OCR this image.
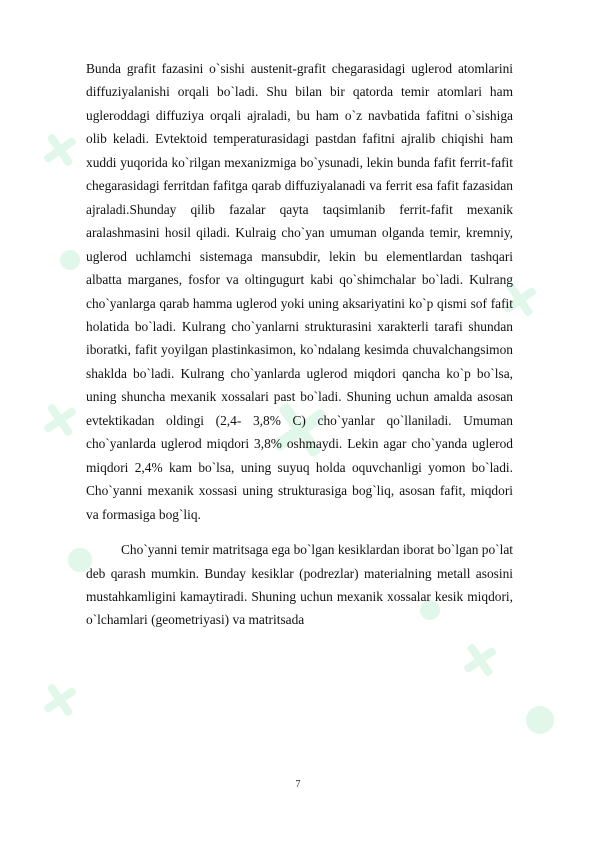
Bunda grafit fazasini o`sishi austenit-grafit chegarasidagi uglerod atomlarini diffuziyalanishi orqali bo`ladi. Shu bilan bir qatorda temir atomlari ham ugleroddagi diffuziya orqali ajraladi, bu ham o`z navbatida fafitni o`sishiga olib keladi. Evtektoid temperaturasidagi pastdan fafitni ajralib chiqishi ham xuddi yuqorida ko`rilgan mexanizmiga bo`ysunadi, lekin bunda fafit ferrit-fafit chegarasidagi ferritdan fafitga qarab diffuziyalanadi va ferrit esa fafit fazasidan ajraladi.Shunday qilib fazalar qayta taqsimlanib ferrit-fafit mexanik aralashmasini hosil qiladi. Kulraig cho`yan umuman olganda temir, kremniy, uglerod uchlamchi sistemaga mansubdir, lekin bu elementlardan tashqari albatta marganes, fosfor va oltingugurt kabi qo`shimchalar bo`ladi. Kulrang cho`yanlarga qarab hamma uglerod yoki uning aksariyatini ko`p qismi sof fafit holatida bo`ladi. Kulrang cho`yanlarni strukturasini xarakterli tarafi shundan iboratki, fafit yoyilgan plastinkasimon, ko`ndalang kesimda chuvalchangsimon shaklda bo`ladi. Kulrang cho`yanlarda uglerod miqdori qancha ko`p bo`lsa, uning shuncha mexanik xossalari past bo`ladi. Shuning uchun amalda asosan evtektikadan oldingi (2,4- 3,8% C) cho`yanlar qo`llaniladi. Umuman cho`yanlarda uglerod miqdori 3,8% oshmaydi. Lekin agar cho`yanda uglerod miqdori 2,4% kam bo`lsa, uning suyuq holda oquvchanligi yomon bo`ladi. Cho`yanni mexanik xossasi uning strukturasiga bog`liq, asosan fafit, miqdori va formasiga bog`liq.

Cho`yanni temir matritsaga ega bo`lgan kesiklardan iborat bo`lgan po`lat deb qarash mumkin. Bunday kesiklar (podrezlar) materialning metall asosini mustahkamligini kamaytiradi. Shuning uchun mexanik xossalar kesik miqdori, o`lchamlari (geometriyasi) va matritsada

7
